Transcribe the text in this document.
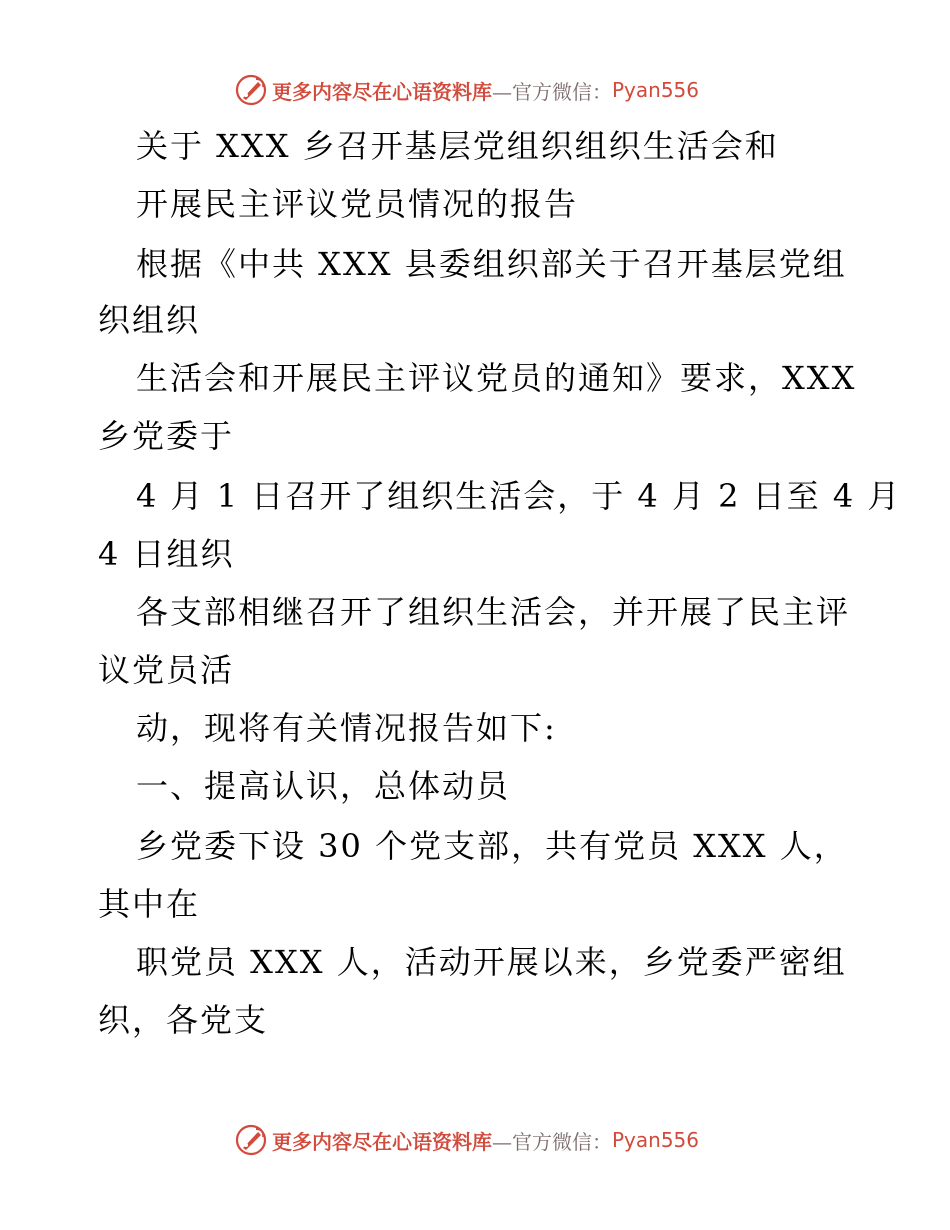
更多内容尽在心语资料库 —官方微信： Pyan556
关于 XXX 乡召开基层党组织组织生活会和
开展民主评议党员情况的报告
根据《中共 XXX 县委组织部关于召开基层党组
织组织
生活会和开展民主评议党员的通知》要求，XXX
乡党委于
4 月 1 日召开了组织生活会，于 4 月 2 日至 4 月
4 日组织
各支部相继召开了组织生活会，并开展了民主评
议党员活
动，现将有关情况报告如下:
一、提高认识，总体动员
乡党委下设 30 个党支部，共有党员 XXX 人，
其中在
职党员 XXX 人，活动开展以来，乡党委严密组
织，各党支
更多内容尽在心语资料库 —官方微信： Pyan556
